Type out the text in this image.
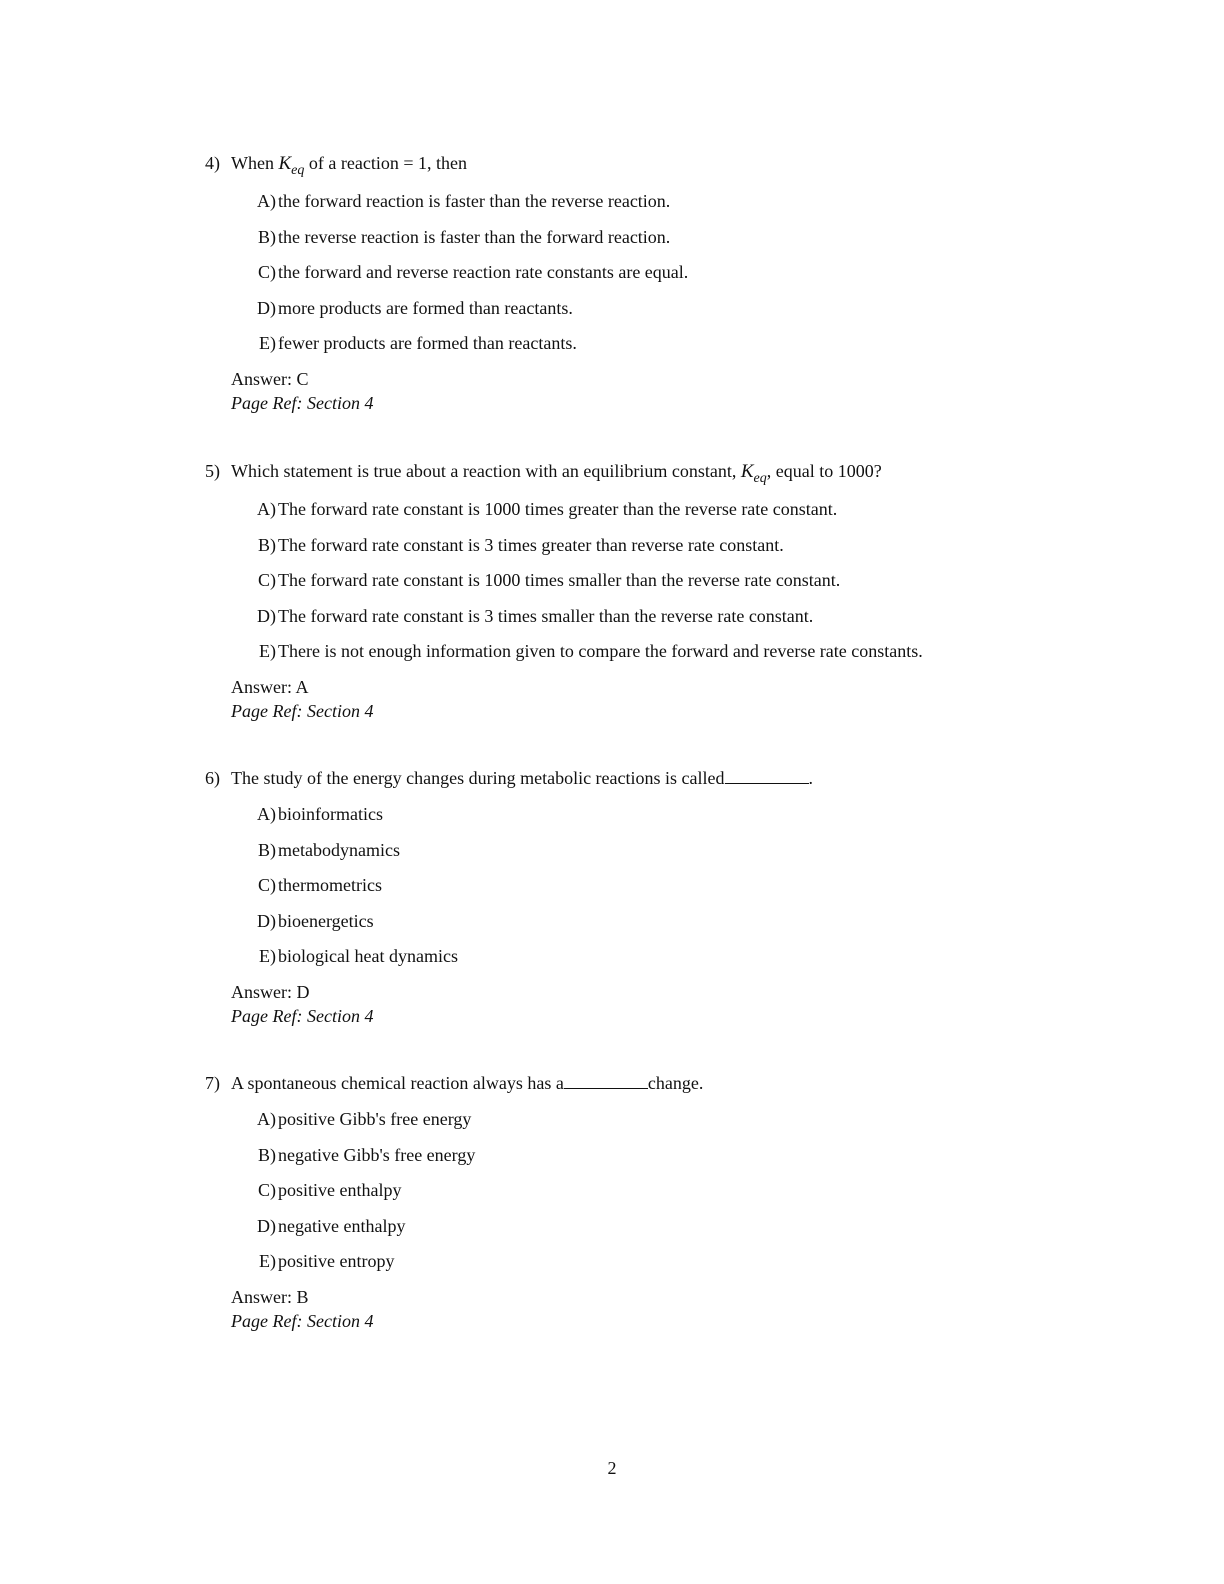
4) When $K_{eq}$ of a reaction = 1, then
A) the forward reaction is faster than the reverse reaction.
B) the reverse reaction is faster than the forward reaction.
C) the forward and reverse reaction rate constants are equal.
D) more products are formed than reactants.
E) fewer products are formed than reactants.
Answer: C
Page Ref: Section 4
5) Which statement is true about a reaction with an equilibrium constant, $K_{eq}$, equal to 1000?
A) The forward rate constant is 1000 times greater than the reverse rate constant.
B) The forward rate constant is 3 times greater than reverse rate constant.
C) The forward rate constant is 1000 times smaller than the reverse rate constant.
D) The forward rate constant is 3 times smaller than the reverse rate constant.
E) There is not enough information given to compare the forward and reverse rate constants.
Answer: A
Page Ref: Section 4
6) The study of the energy changes during metabolic reactions is called	.
A) bioinformatics
B) metabodynamics
C) thermometrics
D) bioenergetics
E) biological heat dynamics
Answer: D
Page Ref: Section 4
7) A spontaneous chemical reaction always has a	change.
A) positive Gibb's free energy
B) negative Gibb's free energy
C) positive enthalpy
D) negative enthalpy
E) positive entropy
Answer: B
Page Ref: Section 4
2
